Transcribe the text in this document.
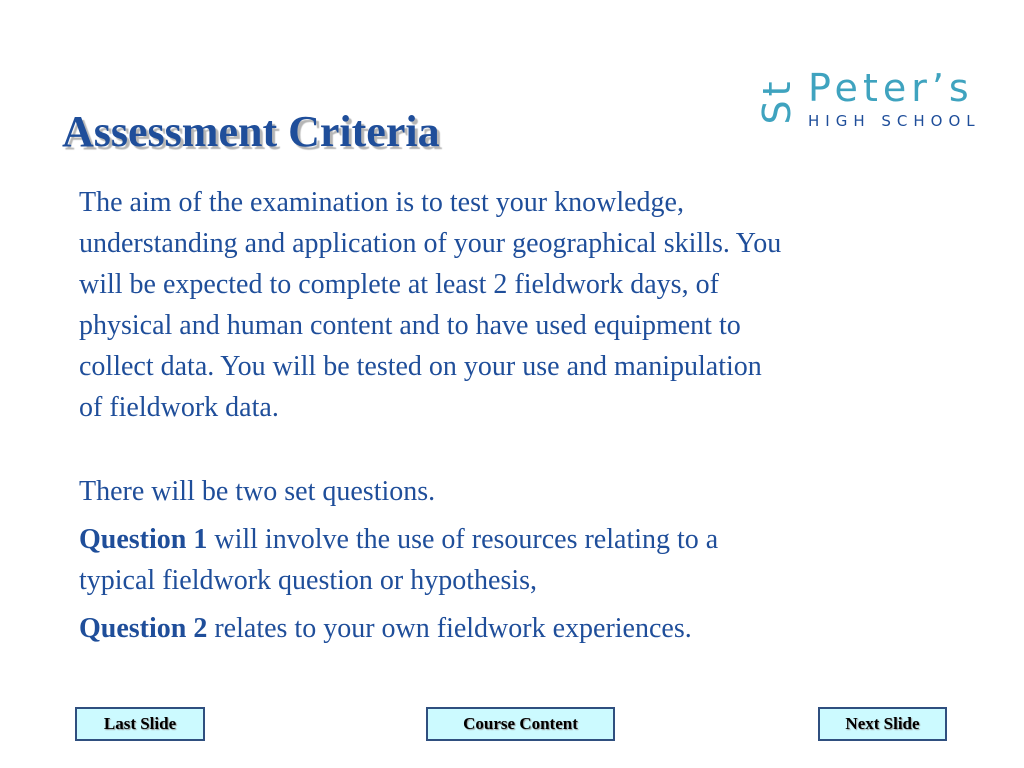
Assessment Criteria
St Peter’s
HIGH SCHOOL

The aim of the examination is to test your knowledge,
understanding and application of your geographical skills. You
will be expected to complete at least 2 fieldwork days, of
physical and human content and to have used equipment to
collect data. You will be tested on your use and manipulation
of fieldwork data.

There will be two set questions.

Question 1 will involve the use of resources relating to a
typical fieldwork question or hypothesis,

Question 2 relates to your own fieldwork experiences.

Last Slide	Course Content	Next Slide
